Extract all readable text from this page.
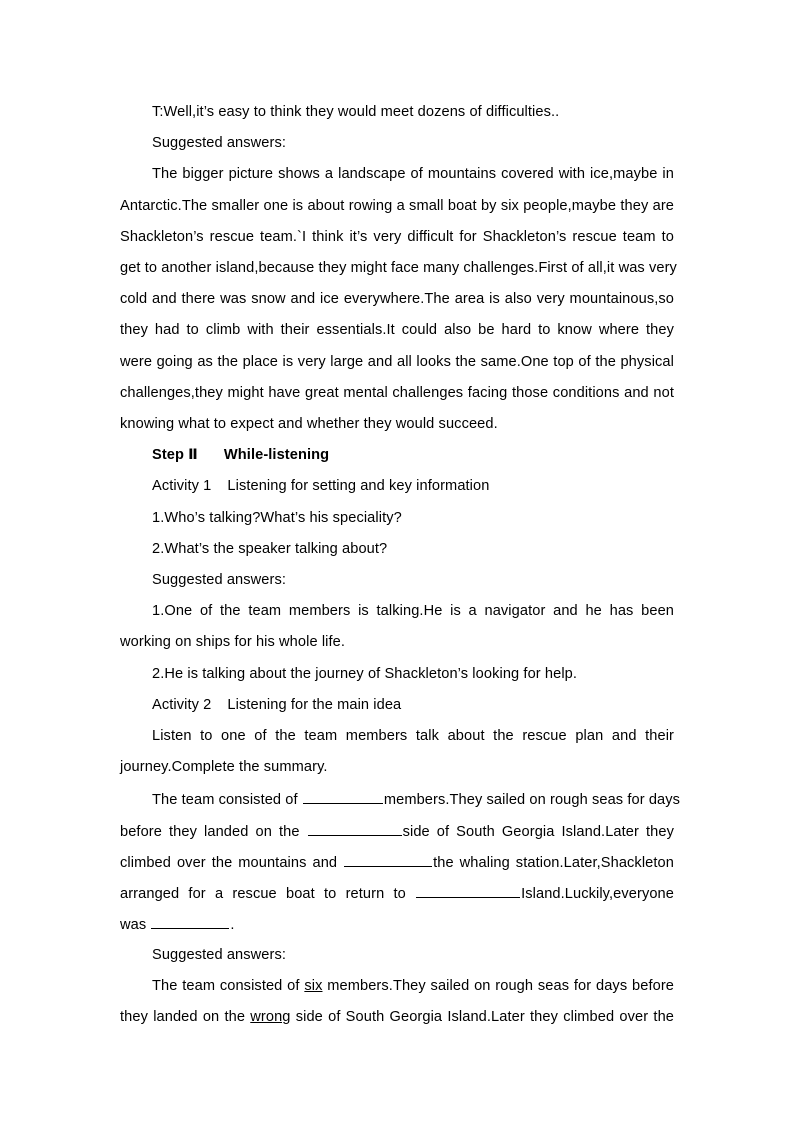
T:Well,it’s easy to think they would meet dozens of difficulties..
Suggested answers:
The bigger picture shows a landscape of mountains covered with ice,maybe in
Antarctic.The smaller one is about rowing a small boat by six people,maybe they are
Shackleton’s rescue team.`I think it’s very difficult for Shackleton’s rescue team to
get to another island,because they might face many challenges.First of all,it was very
cold and there was snow and ice everywhere.The area is also very mountainous,so
they had to climb with their essentials.It could also be hard to know where they
were going as the place is very large and all looks the same.One top of the physical
challenges,they might have great mental challenges facing those conditions and not
knowing what to expect and whether they would succeed.
Step Ⅱ While-listening
Activity 1 Listening for setting and key information
1.Who’s talking?What’s his speciality?
2.What’s the speaker talking about?
Suggested answers:
1.One of the team members is talking.He is a navigator and he has been
working on ships for his whole life.
2.He is talking about the journey of Shackleton’s looking for help.
Activity 2 Listening for the main idea
Listen to one of the team members talk about the rescue plan and their
journey.Complete the summary.
The team consisted of	members.They sailed on rough seas for days
before they landed on the	side of South Georgia Island.Later they
climbed over the mountains and	the whaling station.Later,Shackleton
arranged for a rescue boat to return to	Island.Luckily,everyone
was	.
Suggested answers:
The team consisted of six members.They sailed on rough seas for days before
they landed on the wrong side of South Georgia Island.Later they climbed over the
